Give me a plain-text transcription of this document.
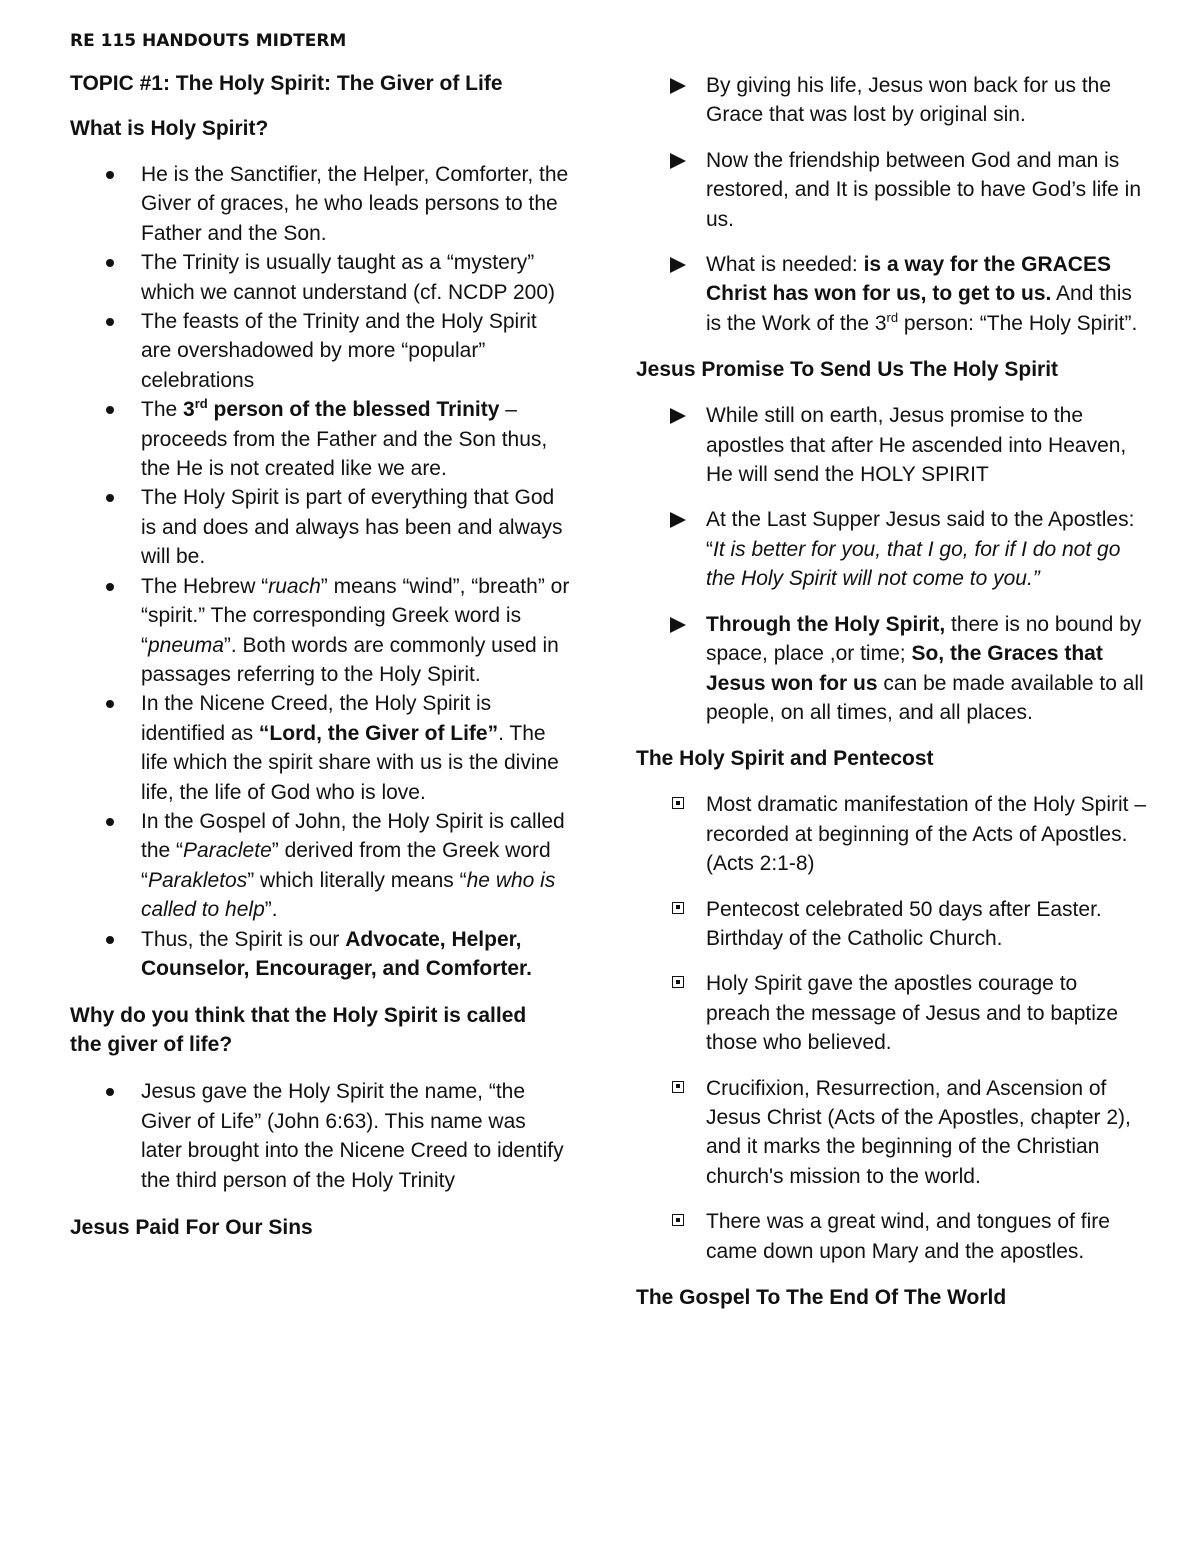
RE 115 HANDOUTS MIDTERM

TOPIC #1: The Holy Spirit: The Giver of Life

What is Holy Spirit?

He is the Sanctifier, the Helper, Comforter, the Giver of graces, he who leads persons to the Father and the Son.
The Trinity is usually taught as a “mystery” which we cannot understand (cf. NCDP 200)
The feasts of the Trinity and the Holy Spirit are overshadowed by more “popular” celebrations
The 3rd person of the blessed Trinity – proceeds from the Father and the Son thus, the He is not created like we are.
The Holy Spirit is part of everything that God is and does and always has been and always will be.
The Hebrew “ruach” means “wind”, “breath” or “spirit.” The corresponding Greek word is “pneuma”. Both words are commonly used in passages referring to the Holy Spirit.
In the Nicene Creed, the Holy Spirit is identified as “Lord, the Giver of Life”. The life which the spirit share with us is the divine life, the life of God who is love.
In the Gospel of John, the Holy Spirit is called the “Paraclete” derived from the Greek word “Parakletos” which literally means “he who is called to help”.
Thus, the Spirit is our Advocate, Helper, Counselor, Encourager, and Comforter.

Why do you think that the Holy Spirit is called
the giver of life?

Jesus gave the Holy Spirit the name, “the Giver of Life” (John 6:63). This name was later brought into the Nicene Creed to identify the third person of the Holy Trinity

Jesus Paid For Our Sins

By giving his life, Jesus won back for us the Grace that was lost by original sin.
Now the friendship between God and man is restored, and It is possible to have God’s life in us.
What is needed: is a way for the GRACES Christ has won for us, to get to us. And this is the Work of the 3rd person: “The Holy Spirit”.

Jesus Promise To Send Us The Holy Spirit

While still on earth, Jesus promise to the apostles that after He ascended into Heaven, He will send the HOLY SPIRIT
At the Last Supper Jesus said to the Apostles: “It is better for you, that I go, for if I do not go the Holy Spirit will not come to you.”
Through the Holy Spirit, there is no bound by space, place ,or time; So, the Graces that Jesus won for us can be made available to all people, on all times, and all places.

The Holy Spirit and Pentecost

Most dramatic manifestation of the Holy Spirit – recorded at beginning of the Acts of Apostles. (Acts 2:1-8)
Pentecost celebrated 50 days after Easter. Birthday of the Catholic Church.
Holy Spirit gave the apostles courage to preach the message of Jesus and to baptize those who believed.
Crucifixion, Resurrection, and Ascension of Jesus Christ (Acts of the Apostles, chapter 2), and it marks the beginning of the Christian church's mission to the world.
There was a great wind, and tongues of fire came down upon Mary and the apostles.

The Gospel To The End Of The World
